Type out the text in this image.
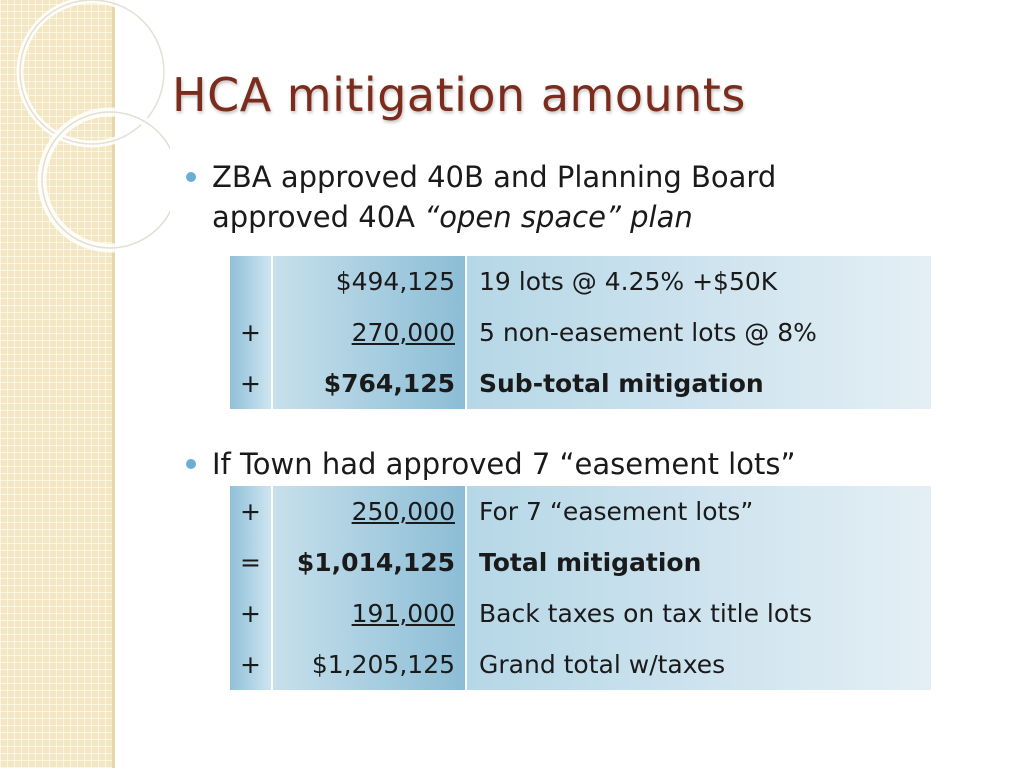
HCA mitigation amounts
ZBA approved 40B and Planning Board
approved 40A “open space” plan
	$494,125	19 lots @ 4.25% +$50K
+	270,000	5 non-easement lots @ 8%
+	$764,125	Sub-total mitigation
If Town had approved 7 “easement lots”
+	250,000	For 7 “easement lots”
=	$1,014,125	Total mitigation
+	191,000	Back taxes on tax title lots
+	$1,205,125	Grand total w/taxes
